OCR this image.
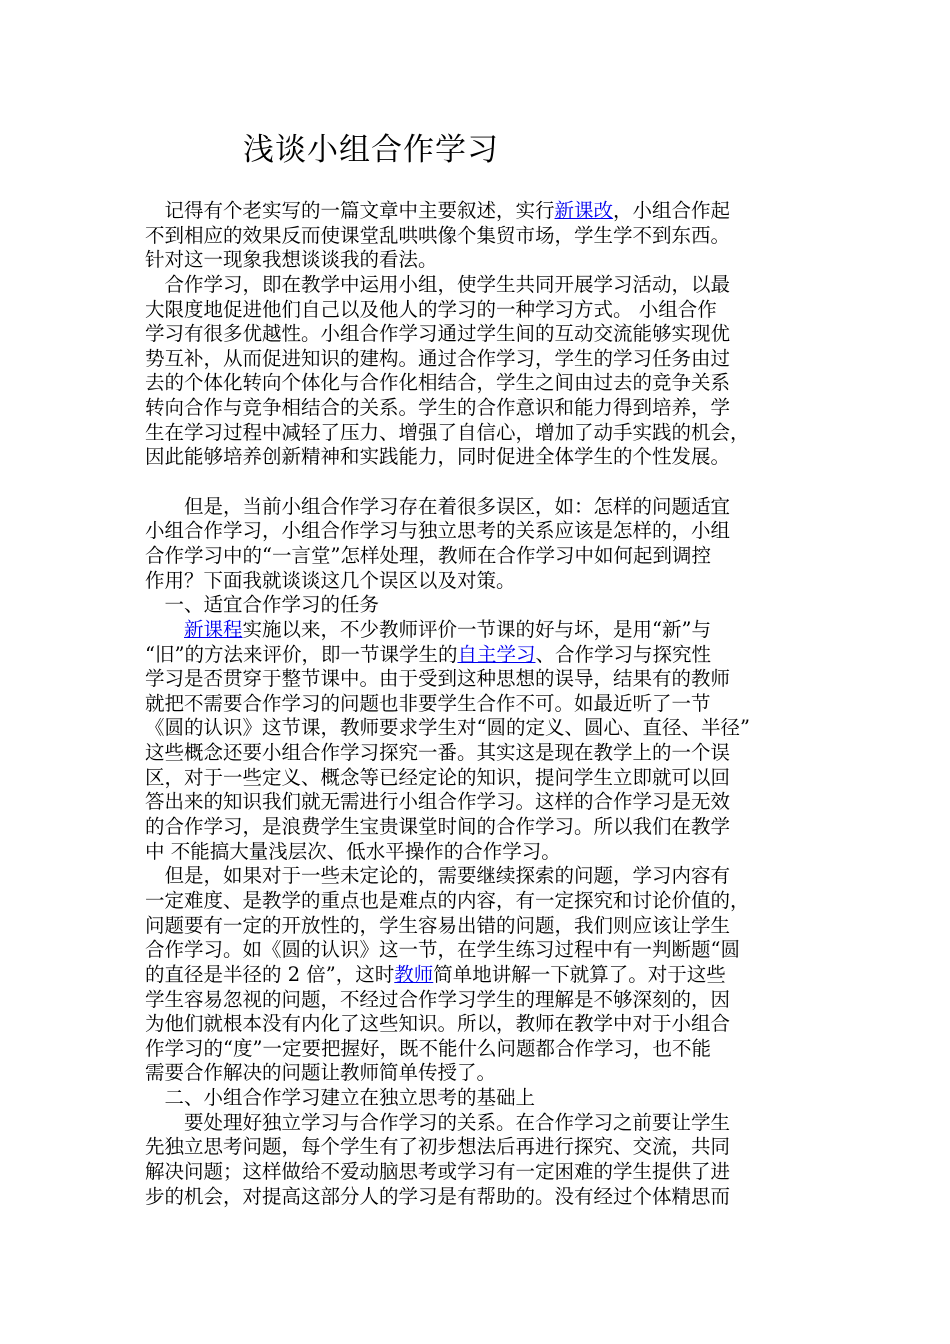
浅谈小组合作学习
　记得有个老实写的一篇文章中主要叙述，实行新课改，小组合作起
不到相应的效果反而使课堂乱哄哄像个集贸市场，学生学不到东西。
针对这一现象我想谈谈我的看法。
　合作学习，即在教学中运用小组，使学生共同开展学习活动，以最
大限度地促进他们自己以及他人的学习的一种学习方式。 小组合作
学习有很多优越性。小组合作学习通过学生间的互动交流能够实现优
势互补，从而促进知识的建构。通过合作学习，学生的学习任务由过
去的个体化转向个体化与合作化相结合，学生之间由过去的竞争关系
转向合作与竞争相结合的关系。学生的合作意识和能力得到培养，学
生在学习过程中减轻了压力、增强了自信心，增加了动手实践的机会，
因此能够培养创新精神和实践能力，同时促进全体学生的个性发展。
　　但是，当前小组合作学习存在着很多误区，如：怎样的问题适宜
小组合作学习，小组合作学习与独立思考的关系应该是怎样的，小组
合作学习中的“一言堂”怎样处理，教师在合作学习中如何起到调控
作用？下面我就谈谈这几个误区以及对策。
　一、适宜合作学习的任务
　　新课程实施以来，不少教师评价一节课的好与坏，是用“新”与
“旧”的方法来评价，即一节课学生的自主学习、合作学习与探究性
学习是否贯穿于整节课中。由于受到这种思想的误导，结果有的教师
就把不需要合作学习的问题也非要学生合作不可。如最近听了一节
《圆的认识》这节课，教师要求学生对“圆的定义、圆心、直径、半径”
这些概念还要小组合作学习探究一番。其实这是现在教学上的一个误
区，对于一些定义、概念等已经定论的知识，提问学生立即就可以回
答出来的知识我们就无需进行小组合作学习。这样的合作学习是无效
的合作学习，是浪费学生宝贵课堂时间的合作学习。所以我们在教学
中 不能搞大量浅层次、低水平操作的合作学习。
　但是，如果对于一些未定论的，需要继续探索的问题，学习内容有
一定难度、是教学的重点也是难点的内容，有一定探究和讨论价值的，
问题要有一定的开放性的，学生容易出错的问题，我们则应该让学生
合作学习。如《圆的认识》这一节，在学生练习过程中有一判断题“圆
的直径是半径的 2 倍”，这时教师简单地讲解一下就算了。对于这些
学生容易忽视的问题，不经过合作学习学生的理解是不够深刻的，因
为他们就根本没有内化了这些知识。所以，教师在教学中对于小组合
作学习的“度”一定要把握好，既不能什么问题都合作学习，也不能
需要合作解决的问题让教师简单传授了。
　二、小组合作学习建立在独立思考的基础上
　　要处理好独立学习与合作学习的关系。在合作学习之前要让学生
先独立思考问题，每个学生有了初步想法后再进行探究、交流，共同
解决问题；这样做给不爱动脑思考或学习有一定困难的学生提供了进
步的机会，对提高这部分人的学习是有帮助的。没有经过个体精思而
